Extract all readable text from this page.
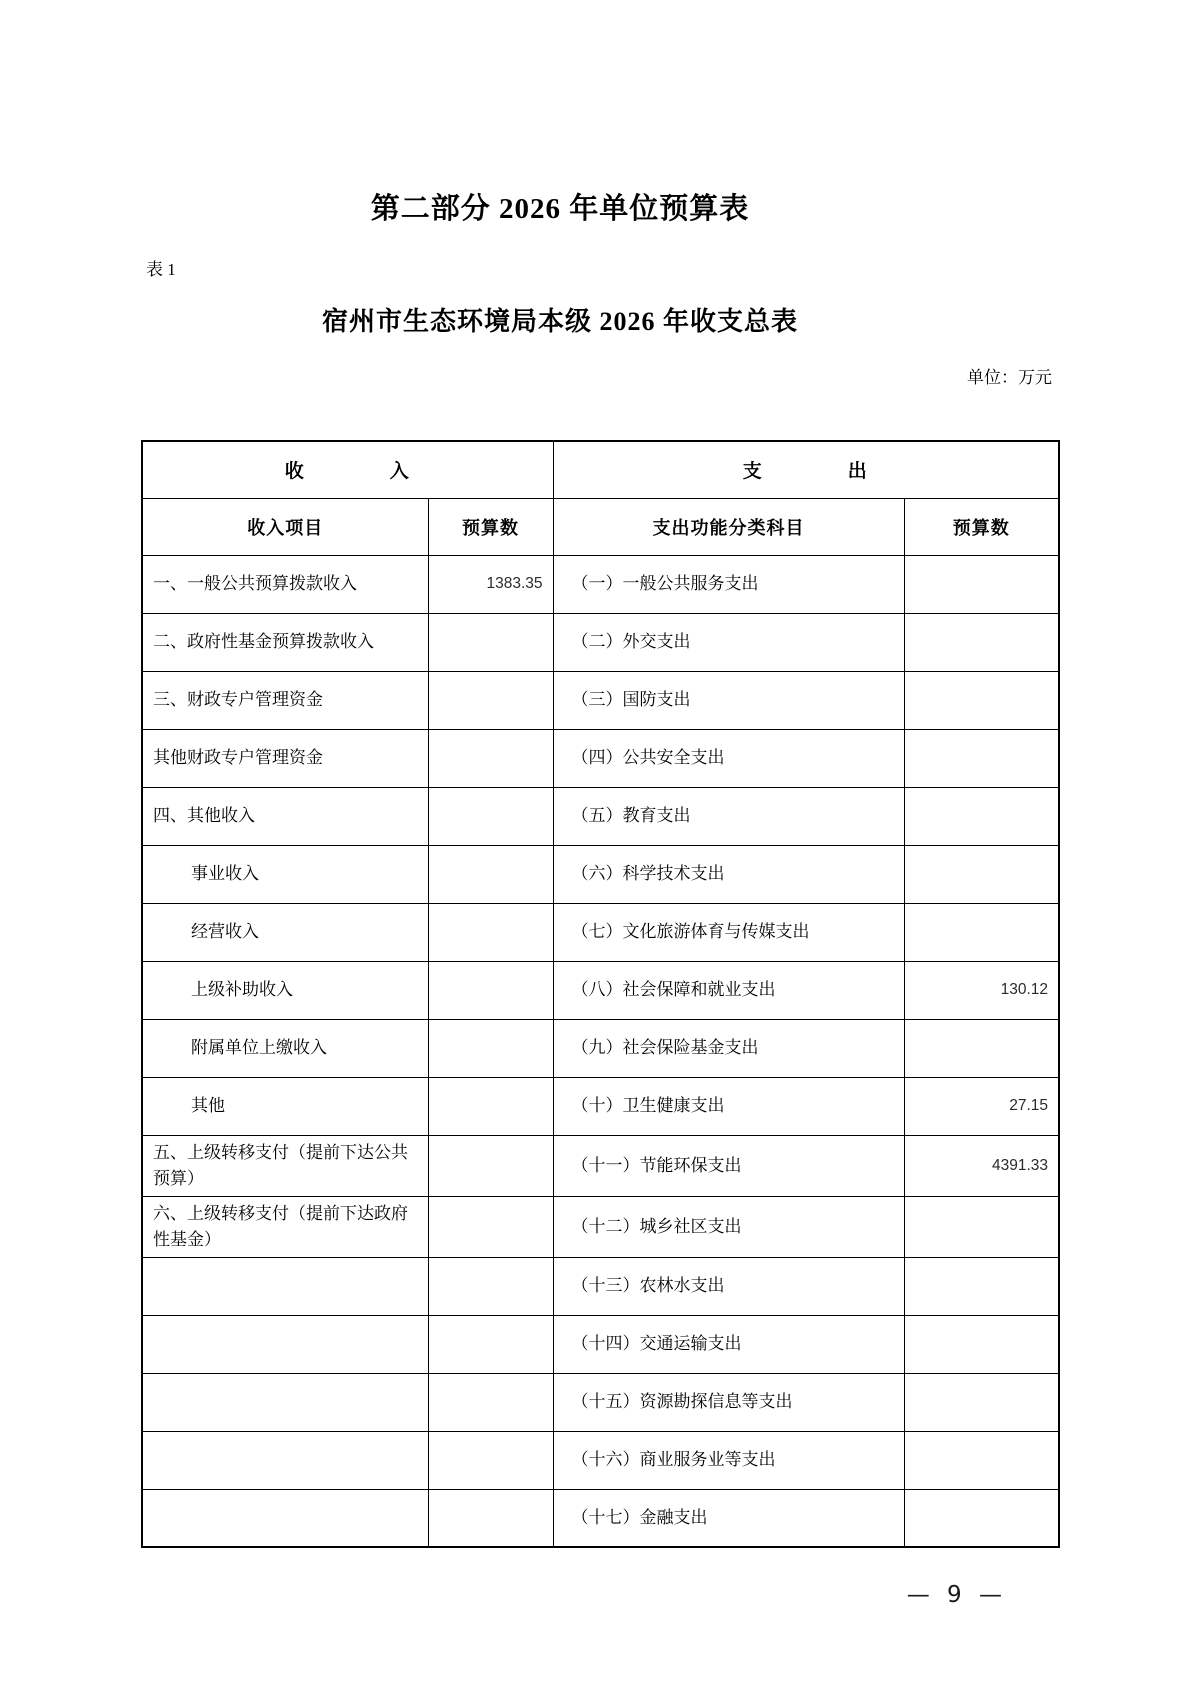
第二部分 2026 年单位预算表
表 1
宿州市生态环境局本级 2026 年收支总表
单位：万元
收　　　　入		支　　　　出	
收入项目	预算数	支出功能分类科目	预算数
一、一般公共预算拨款收入	1383.35	（一）一般公共服务支出	
二、政府性基金预算拨款收入		（二）外交支出	
三、财政专户管理资金		（三）国防支出	
其他财政专户管理资金		（四）公共安全支出	
四、其他收入		（五）教育支出	
事业收入		（六）科学技术支出	
经营收入		（七）文化旅游体育与传媒支出	
上级补助收入		（八）社会保障和就业支出	130.12
附属单位上缴收入		（九）社会保险基金支出	
其他		（十）卫生健康支出	27.15
五、上级转移支付（提前下达公共预算）		（十一）节能环保支出	4391.33
六、上级转移支付（提前下达政府性基金）		（十二）城乡社区支出	
		（十三）农林水支出	
		（十四）交通运输支出	
		（十五）资源勘探信息等支出	
		（十六）商业服务业等支出	
		（十七）金融支出	
— 9 —
